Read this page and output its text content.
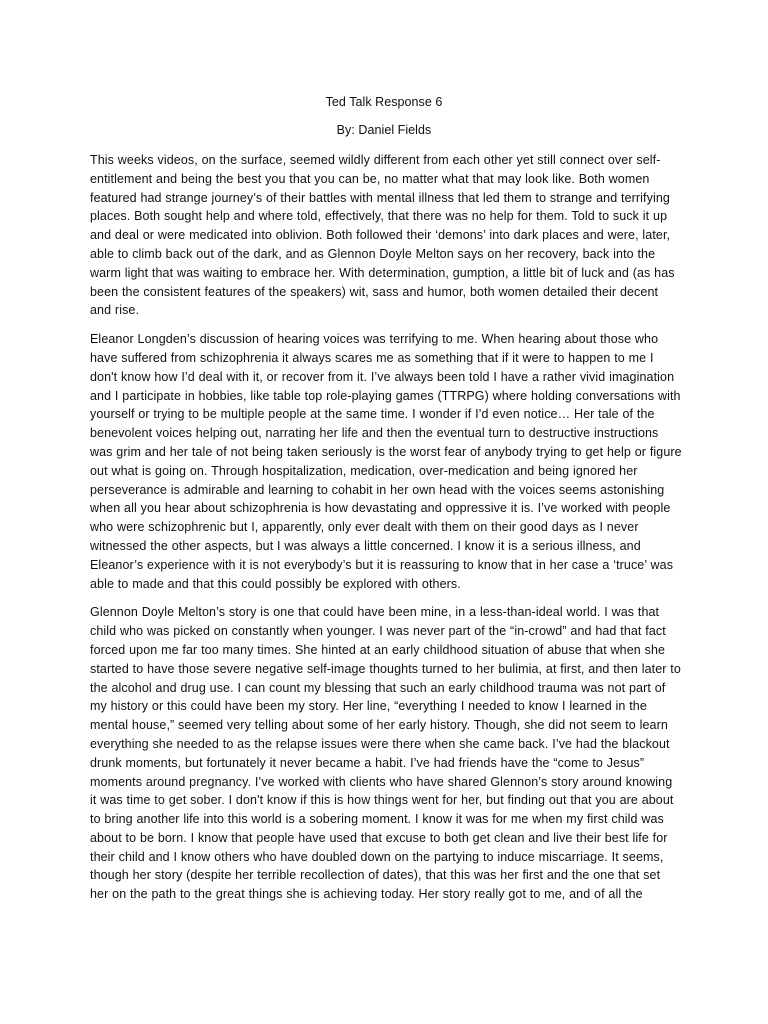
Ted Talk Response 6
By: Daniel Fields

This weeks videos, on the surface, seemed wildly different from each other yet still connect over self-entitlement and being the best you that you can be, no matter what that may look like. Both women featured had strange journey’s of their battles with mental illness that led them to strange and terrifying places. Both sought help and where told, effectively, that there was no help for them. Told to suck it up and deal or were medicated into oblivion. Both followed their ‘demons’ into dark places and were, later, able to climb back out of the dark, and as Glennon Doyle Melton says on her recovery, back into the warm light that was waiting to embrace her. With determination, gumption, a little bit of luck and (as has been the consistent features of the speakers) wit, sass and humor, both women detailed their decent and rise.

Eleanor Longden’s discussion of hearing voices was terrifying to me. When hearing about those who have suffered from schizophrenia it always scares me as something that if it were to happen to me I don't know how I’d deal with it, or recover from it. I’ve always been told I have a rather vivid imagination and I participate in hobbies, like table top role-playing games (TTRPG) where holding conversations with yourself or trying to be multiple people at the same time. I wonder if I’d even notice… Her tale of the benevolent voices helping out, narrating her life and then the eventual turn to destructive instructions was grim and her tale of not being taken seriously is the worst fear of anybody trying to get help or figure out what is going on. Through hospitalization, medication, over-medication and being ignored her perseverance is admirable and learning to cohabit in her own head with the voices seems astonishing when all you hear about schizophrenia is how devastating and oppressive it is. I’ve worked with people who were schizophrenic but I, apparently, only ever dealt with them on their good days as I never witnessed the other aspects, but I was always a little concerned. I know it is a serious illness, and Eleanor’s experience with it is not everybody’s but it is reassuring to know that in her case a ‘truce’ was able to made and that this could possibly be explored with others.

Glennon Doyle Melton’s story is one that could have been mine, in a less-than-ideal world. I was that child who was picked on constantly when younger. I was never part of the “in-crowd” and had that fact forced upon me far too many times. She hinted at an early childhood situation of abuse that when she started to have those severe negative self-image thoughts turned to her bulimia, at first, and then later to the alcohol and drug use. I can count my blessing that such an early childhood trauma was not part of my history or this could have been my story. Her line, “everything I needed to know I learned in the mental house,” seemed very telling about some of her early history. Though, she did not seem to learn everything she needed to as the relapse issues were there when she came back. I’ve had the blackout drunk moments, but fortunately it never became a habit. I’ve had friends have the “come to Jesus” moments around pregnancy. I’ve worked with clients who have shared Glennon’s story around knowing it was time to get sober. I don't know if this is how things went for her, but finding out that you are about to bring another life into this world is a sobering moment. I know it was for me when my first child was about to be born. I know that people have used that excuse to both get clean and live their best life for their child and I know others who have doubled down on the partying to induce miscarriage. It seems, though her story (despite her terrible recollection of dates), that this was her first and the one that set her on the path to the great things she is achieving today. Her story really got to me, and of all the
